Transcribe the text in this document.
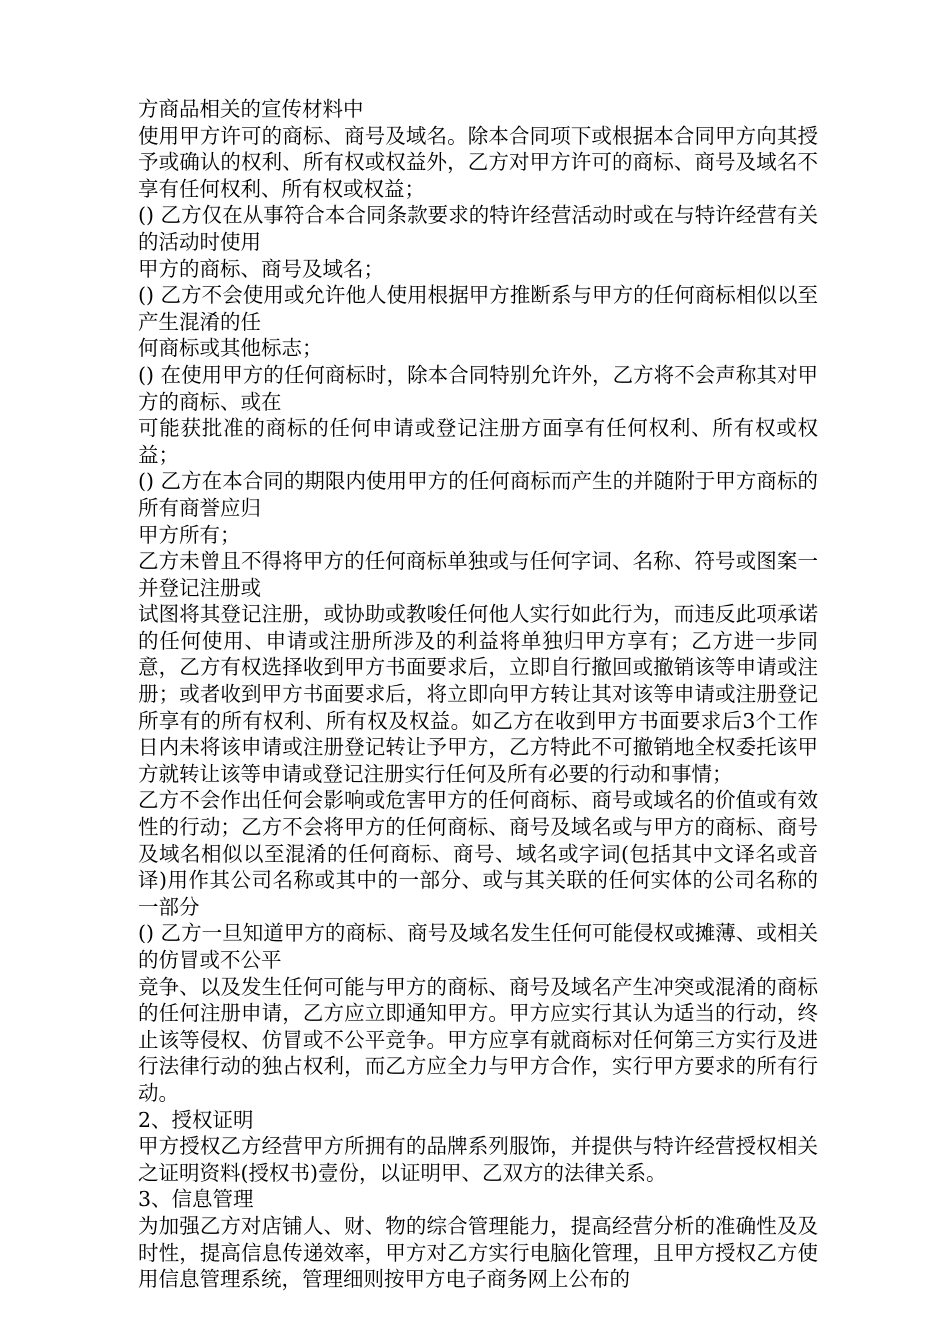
方商品相关的宣传材料中

使用甲方许可的商标、商号及域名。除本合同项下或根据本合同甲方向其授予或确认的权利、所有权或权益外，乙方对甲方许可的商标、商号及域名不享有任何权利、所有权或权益；

() 乙方仅在从事符合本合同条款要求的特许经营活动时或在与特许经营有关的活动时使用

甲方的商标、商号及域名；

() 乙方不会使用或允许他人使用根据甲方推断系与甲方的任何商标相似以至产生混淆的任

何商标或其他标志；

() 在使用甲方的任何商标时，除本合同特别允许外，乙方将不会声称其对甲方的商标、或在

可能获批准的商标的任何申请或登记注册方面享有任何权利、所有权或权益；

() 乙方在本合同的期限内使用甲方的任何商标而产生的并随附于甲方商标的所有商誉应归

甲方所有；

乙方未曾且不得将甲方的任何商标单独或与任何字词、名称、符号或图案一并登记注册或

试图将其登记注册，或协助或教唆任何他人实行如此行为，而违反此项承诺的任何使用、申请或注册所涉及的利益将单独归甲方享有；乙方进一步同意，乙方有权选择收到甲方书面要求后，立即自行撤回或撤销该等申请或注册；或者收到甲方书面要求后，将立即向甲方转让其对该等申请或注册登记所享有的所有权利、所有权及权益。如乙方在收到甲方书面要求后3个工作日内未将该申请或注册登记转让予甲方，乙方特此不可撤销地全权委托该甲方就转让该等申请或登记注册实行任何及所有必要的行动和事情；

乙方不会作出任何会影响或危害甲方的任何商标、商号或域名的价值或有效性的行动；乙方不会将甲方的任何商标、商号及域名或与甲方的商标、商号及域名相似以至混淆的任何商标、商号、域名或字词(包括其中文译名或音译)用作其公司名称或其中的一部分、或与其关联的任何实体的公司名称的一部分

() 乙方一旦知道甲方的商标、商号及域名发生任何可能侵权或摊薄、或相关的仿冒或不公平

竞争、以及发生任何可能与甲方的商标、商号及域名产生冲突或混淆的商标的任何注册申请，乙方应立即通知甲方。甲方应实行其认为适当的行动，终止该等侵权、仿冒或不公平竞争。甲方应享有就商标对任何第三方实行及进行法律行动的独占权利，而乙方应全力与甲方合作，实行甲方要求的所有行动。

2、授权证明

甲方授权乙方经营甲方所拥有的品牌系列服饰，并提供与特许经营授权相关之证明资料(授权书)壹份，以证明甲、乙双方的法律关系。

3、信息管理

为加强乙方对店铺人、财、物的综合管理能力，提高经营分析的准确性及及时性，提高信息传递效率，甲方对乙方实行电脑化管理，且甲方授权乙方使用信息管理系统，管理细则按甲方电子商务网上公布的
